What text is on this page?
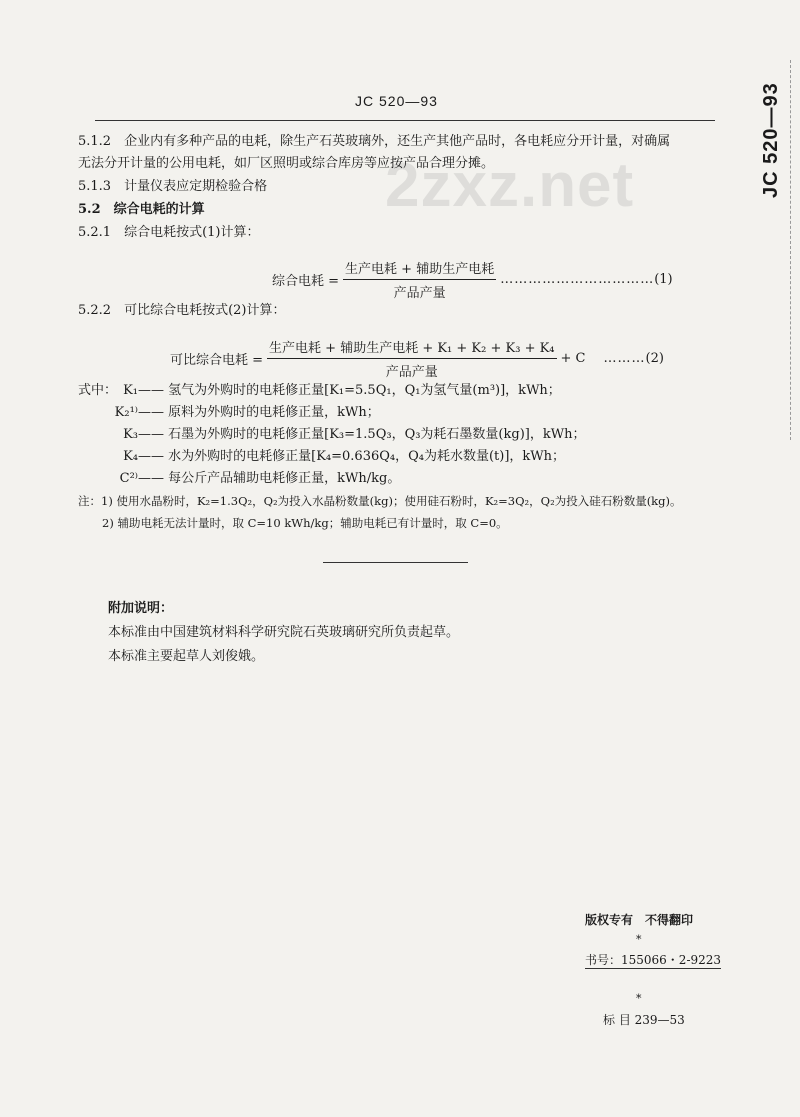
2zxz.net
JC 520—93	JC 520—93
5.1.2　企业内有多种产品的电耗，除生产石英玻璃外，还生产其他产品时，各电耗应分开计量，对确属
无法分开计量的公用电耗，如厂区照明或综合库房等应按产品合理分摊。
5.1.3　计量仪表应定期检验合格
5.2　综合电耗的计算
5.2.1　综合电耗按式(1)计算：
综合电耗 = $\frac{\text{生产电耗 + 辅助生产电耗}}{\text{产品产量}}$ …………………………… (1)
5.2.2　可比综合电耗按式(2)计算：
可比综合电耗 = $\frac{\text{生产电耗 + 辅助生产电耗 + K₁ + K₂ + K₃ + K₄}}{\text{产品产量}} + C$ ……… (2)
式中： K₁ —— 氢气为外购时的电耗修正量[K₁=5.5Q₁，Q₁为氢气量(m³)]，kWh；
K₂¹⁾ —— 原料为外购时的电耗修正量，kWh；
K₃ —— 石墨为外购时的电耗修正量[K₃=1.5Q₃，Q₃为耗石墨数量(kg)]，kWh；
K₄ —— 水为外购时的电耗修正量[K₄=0.636Q₄，Q₄为耗水数量(t)]，kWh；
C²⁾ —— 每公斤产品辅助电耗修正量，kWh/kg。
注：1) 使用水晶粉时，K₂=1.3Q₂，Q₂为投入水晶粉数量(kg)；使用硅石粉时，K₂=3Q₂，Q₂为投入硅石粉数量(kg)。
2) 辅助电耗无法计量时，取 C=10 kWh/kg；辅助电耗已有计量时，取 C=0。
附加说明：
本标准由中国建筑材料科学研究院石英玻璃研究所负责起草。
本标准主要起草人刘俊娥。
版权专有　不得翻印
*
书号：155066・2-9223
*
标 目 239—53
